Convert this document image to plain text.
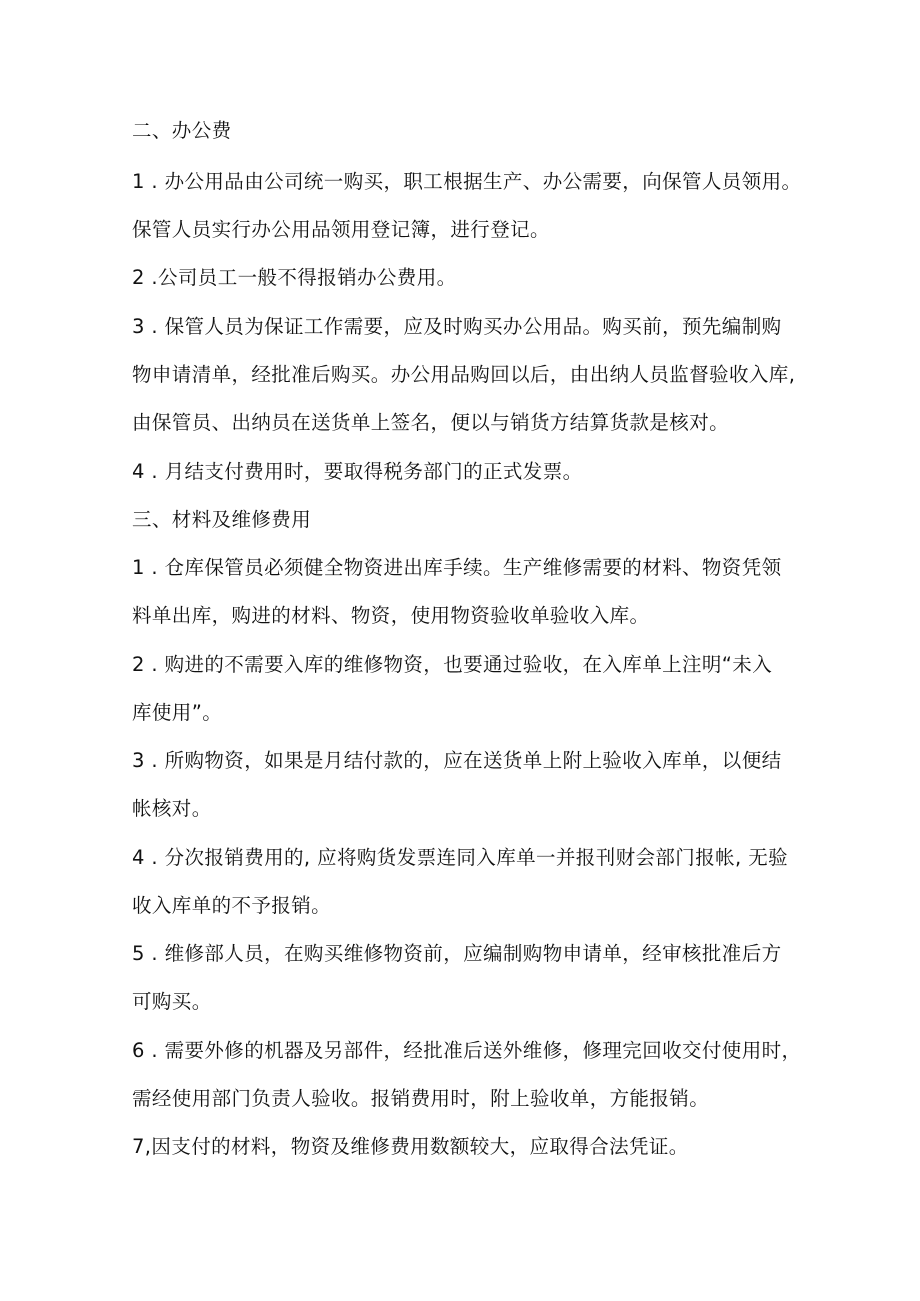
二、办公费
1 . 办公用品由公司统一购买，职工根据生产、办公需要，向保管人员领用。
保管人员实行办公用品领用登记簿，进行登记。
2 .公司员工一般不得报销办公费用。
3 . 保管人员为保证工作需要，应及时购买办公用品。购买前，预先编制购
物申请清单，经批准后购买。办公用品购回以后，由出纳人员监督验收入库,
由保管员、出纳员在送货单上签名，便以与销货方结算货款是核对。
4 . 月结支付费用时，要取得税务部门的正式发票。
三、材料及维修费用
1 . 仓库保管员必须健全物资进出库手续。生产维修需要的材料、物资凭领
料单出库，购进的材料、物资，使用物资验收单验收入库。
2 . 购进的不需要入库的维修物资，也要通过验收，在入库单上注明“未入
库使用”。
3 . 所购物资，如果是月结付款的，应在送货单上附上验收入库单，以便结
帐核对。
4 . 分次报销费用的, 应将购货发票连同入库单一并报刊财会部门报帐, 无验
收入库单的不予报销。
5 . 维修部人员，在购买维修物资前，应编制购物申请单，经审核批准后方
可购买。
6 . 需要外修的机器及另部件，经批准后送外维修，修理完回收交付使用时，
需经使用部门负责人验收。报销费用时，附上验收单，方能报销。
7,因支付的材料，物资及维修费用数额较大，应取得合法凭证。
